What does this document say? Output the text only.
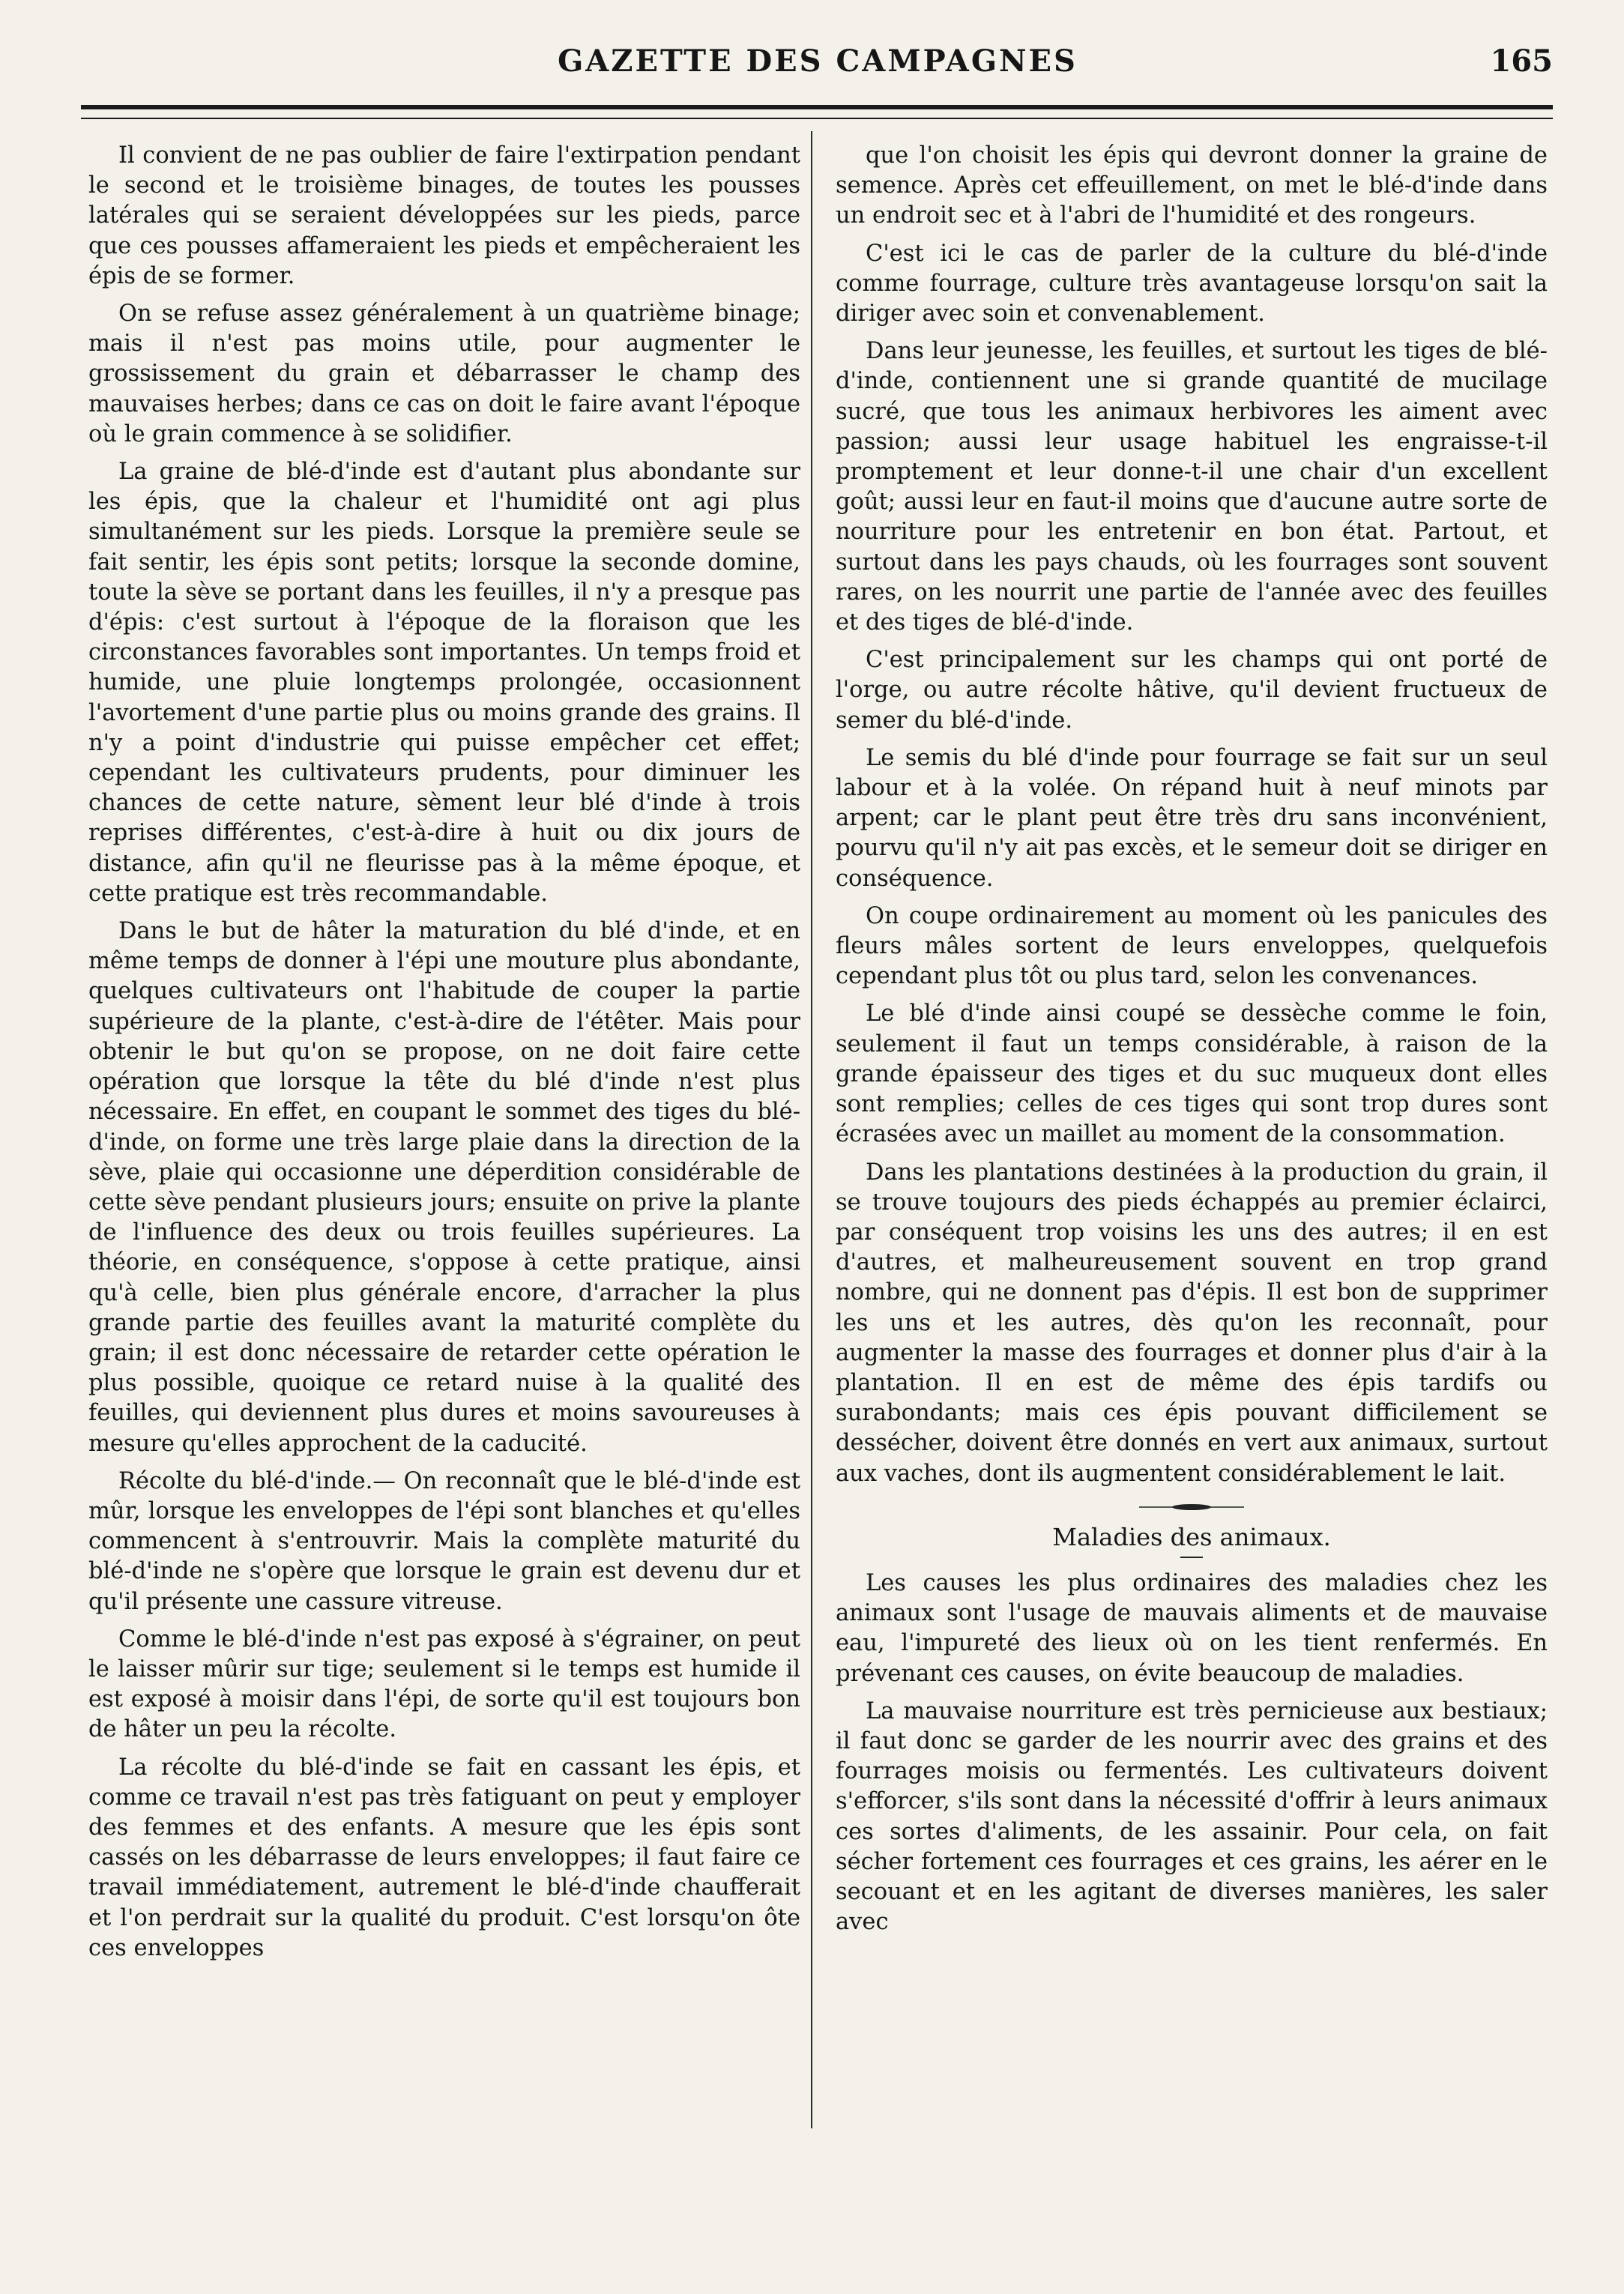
GAZETTE DES CAMPAGNES	165

Il convient de ne pas oublier de faire l'extirpation pendant le second et le troisième binages, de toutes les pousses latérales qui se seraient développées sur les pieds, parce que ces pousses affameraient les pieds et empêcheraient les épis de se former.

On se refuse assez généralement à un quatrième binage; mais il n'est pas moins utile, pour augmenter le grossissement du grain et débarrasser le champ des mauvaises herbes; dans ce cas on doit le faire avant l'époque où le grain commence à se solidifier.

La graine de blé-d'inde est d'autant plus abondante sur les épis, que la chaleur et l'humidité ont agi plus simultanément sur les pieds. Lorsque la première seule se fait sentir, les épis sont petits; lorsque la seconde domine, toute la sève se portant dans les feuilles, il n'y a presque pas d'épis: c'est surtout à l'époque de la floraison que les circonstances favorables sont importantes. Un temps froid et humide, une pluie longtemps prolongée, occasionnent l'avortement d'une partie plus ou moins grande des grains. Il n'y a point d'industrie qui puisse empêcher cet effet; cependant les cultivateurs prudents, pour diminuer les chances de cette nature, sèment leur blé d'inde à trois reprises différentes, c'est-à-dire à huit ou dix jours de distance, afin qu'il ne fleurisse pas à la même époque, et cette pratique est très recommandable.

Dans le but de hâter la maturation du blé d'inde, et en même temps de donner à l'épi une mouture plus abondante, quelques cultivateurs ont l'habitude de couper la partie supérieure de la plante, c'est-à-dire de l'étêter. Mais pour obtenir le but qu'on se propose, on ne doit faire cette opération que lorsque la tête du blé d'inde n'est plus nécessaire. En effet, en coupant le sommet des tiges du blé-d'inde, on forme une très large plaie dans la direction de la sève, plaie qui occasionne une déperdition considérable de cette sève pendant plusieurs jours; ensuite on prive la plante de l'influence des deux ou trois feuilles supérieures. La théorie, en conséquence, s'oppose à cette pratique, ainsi qu'à celle, bien plus générale encore, d'arracher la plus grande partie des feuilles avant la maturité complète du grain; il est donc nécessaire de retarder cette opération le plus possible, quoique ce retard nuise à la qualité des feuilles, qui deviennent plus dures et moins savoureuses à mesure qu'elles approchent de la caducité.

Récolte du blé-d'inde.— On reconnaît que le blé-d'inde est mûr, lorsque les enveloppes de l'épi sont blanches et qu'elles commencent à s'entrouvrir. Mais la complète maturité du blé-d'inde ne s'opère que lorsque le grain est devenu dur et qu'il présente une cassure vitreuse.

Comme le blé-d'inde n'est pas exposé à s'égrainer, on peut le laisser mûrir sur tige; seulement si le temps est humide il est exposé à moisir dans l'épi, de sorte qu'il est toujours bon de hâter un peu la récolte.

La récolte du blé-d'inde se fait en cassant les épis, et comme ce travail n'est pas très fatiguant on peut y employer des femmes et des enfants. A mesure que les épis sont cassés on les débarrasse de leurs enveloppes; il faut faire ce travail immédiatement, autrement le blé-d'inde chaufferait et l'on perdrait sur la qualité du produit. C'est lorsqu'on ôte ces enveloppes

que l'on choisit les épis qui devront donner la graine de semence. Après cet effeuillement, on met le blé-d'inde dans un endroit sec et à l'abri de l'humidité et des rongeurs.

C'est ici le cas de parler de la culture du blé-d'inde comme fourrage, culture très avantageuse lorsqu'on sait la diriger avec soin et convenablement.

Dans leur jeunesse, les feuilles, et surtout les tiges de blé-d'inde, contiennent une si grande quantité de mucilage sucré, que tous les animaux herbivores les aiment avec passion; aussi leur usage habituel les engraisse-t-il promptement et leur donne-t-il une chair d'un excellent goût; aussi leur en faut-il moins que d'aucune autre sorte de nourriture pour les entretenir en bon état. Partout, et surtout dans les pays chauds, où les fourrages sont souvent rares, on les nourrit une partie de l'année avec des feuilles et des tiges de blé-d'inde.

C'est principalement sur les champs qui ont porté de l'orge, ou autre récolte hâtive, qu'il devient fructueux de semer du blé-d'inde.

Le semis du blé d'inde pour fourrage se fait sur un seul labour et à la volée. On répand huit à neuf minots par arpent; car le plant peut être très dru sans inconvénient, pourvu qu'il n'y ait pas excès, et le semeur doit se diriger en conséquence.

On coupe ordinairement au moment où les panicules des fleurs mâles sortent de leurs enveloppes, quelquefois cependant plus tôt ou plus tard, selon les convenances.

Le blé d'inde ainsi coupé se dessèche comme le foin, seulement il faut un temps considérable, à raison de la grande épaisseur des tiges et du suc muqueux dont elles sont remplies; celles de ces tiges qui sont trop dures sont écrasées avec un maillet au moment de la consommation.

Dans les plantations destinées à la production du grain, il se trouve toujours des pieds échappés au premier éclairci, par conséquent trop voisins les uns des autres; il en est d'autres, et malheureusement souvent en trop grand nombre, qui ne donnent pas d'épis. Il est bon de supprimer les uns et les autres, dès qu'on les reconnaît, pour augmenter la masse des fourrages et donner plus d'air à la plantation. Il en est de même des épis tardifs ou surabondants; mais ces épis pouvant difficilement se dessécher, doivent être donnés en vert aux animaux, surtout aux vaches, dont ils augmentent considérablement le lait.

Maladies des animaux.

Les causes les plus ordinaires des maladies chez les animaux sont l'usage de mauvais aliments et de mauvaise eau, l'impureté des lieux où on les tient renfermés. En prévenant ces causes, on évite beaucoup de maladies.

La mauvaise nourriture est très pernicieuse aux bestiaux; il faut donc se garder de les nourrir avec des grains et des fourrages moisis ou fermentés. Les cultivateurs doivent s'efforcer, s'ils sont dans la nécessité d'offrir à leurs animaux ces sortes d'aliments, de les assainir. Pour cela, on fait sécher fortement ces fourrages et ces grains, les aérer en le secouant et en les agitant de diverses manières, les saler avec
